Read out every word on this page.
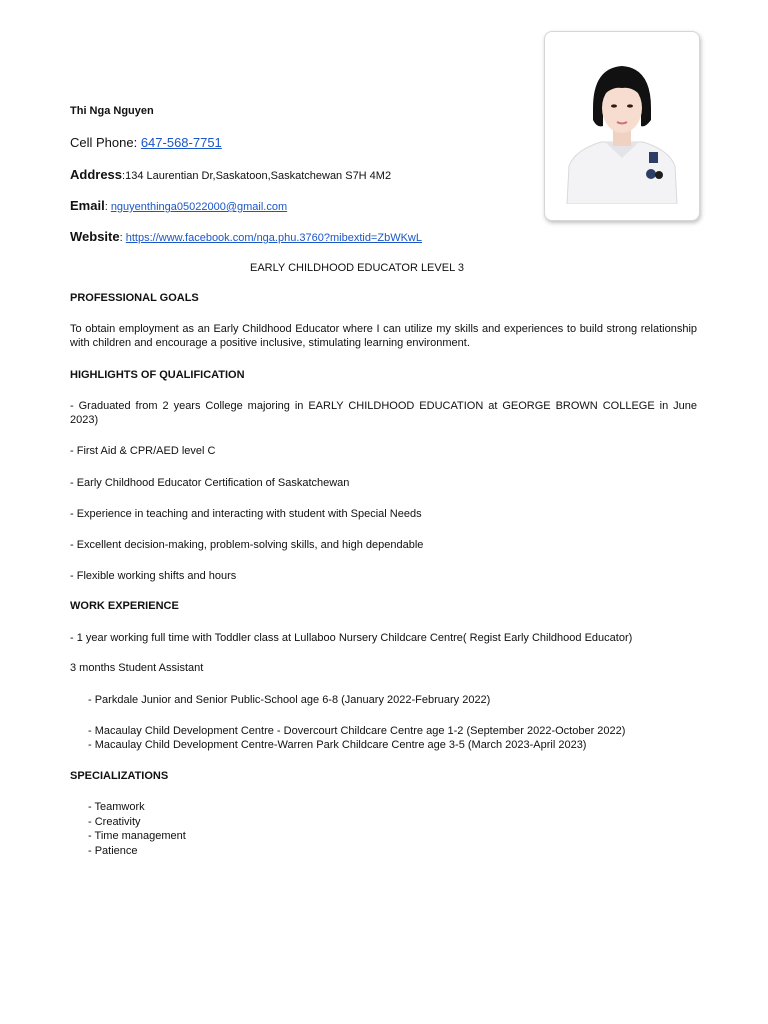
Thi Nga Nguyen

Cell Phone: 647-568-7751

Address:134 Laurentian Dr,Saskatoon,Saskatchewan S7H 4M2

Email: nguyenthinga05022000@gmail.com

Website: https://www.facebook.com/nga.phu.3760?mibextid=ZbWKwL

EARLY CHILDHOOD EDUCATOR LEVEL 3

PROFESSIONAL GOALS

To obtain employment as an Early Childhood Educator where I can utilize my skills and experiences to build strong relationship with children and encourage a positive inclusive, stimulating learning environment.

HIGHLIGHTS OF QUALIFICATION

- Graduated from 2 years College majoring in EARLY CHILDHOOD EDUCATION at GEORGE BROWN COLLEGE in June 2023)

- First Aid & CPR/AED level C

- Early Childhood Educator Certification of Saskatchewan

- Experience in teaching and interacting with student with Special Needs

- Excellent decision-making, problem-solving skills, and high dependable

- Flexible working shifts and hours

WORK EXPERIENCE

- 1 year working full time with Toddler class at Lullaboo Nursery Childcare Centre( Regist Early Childhood Educator)

3 months Student Assistant

- Parkdale Junior and Senior Public-School age 6-8 (January 2022-February 2022)

- Macaulay Child Development Centre - Dovercourt Childcare Centre age 1-2 (September 2022-October 2022)

- Macaulay Child Development Centre-Warren Park Childcare Centre age 3-5 (March 2023-April 2023)

SPECIALIZATIONS

- Teamwork

- Creativity

- Time management

- Patience
